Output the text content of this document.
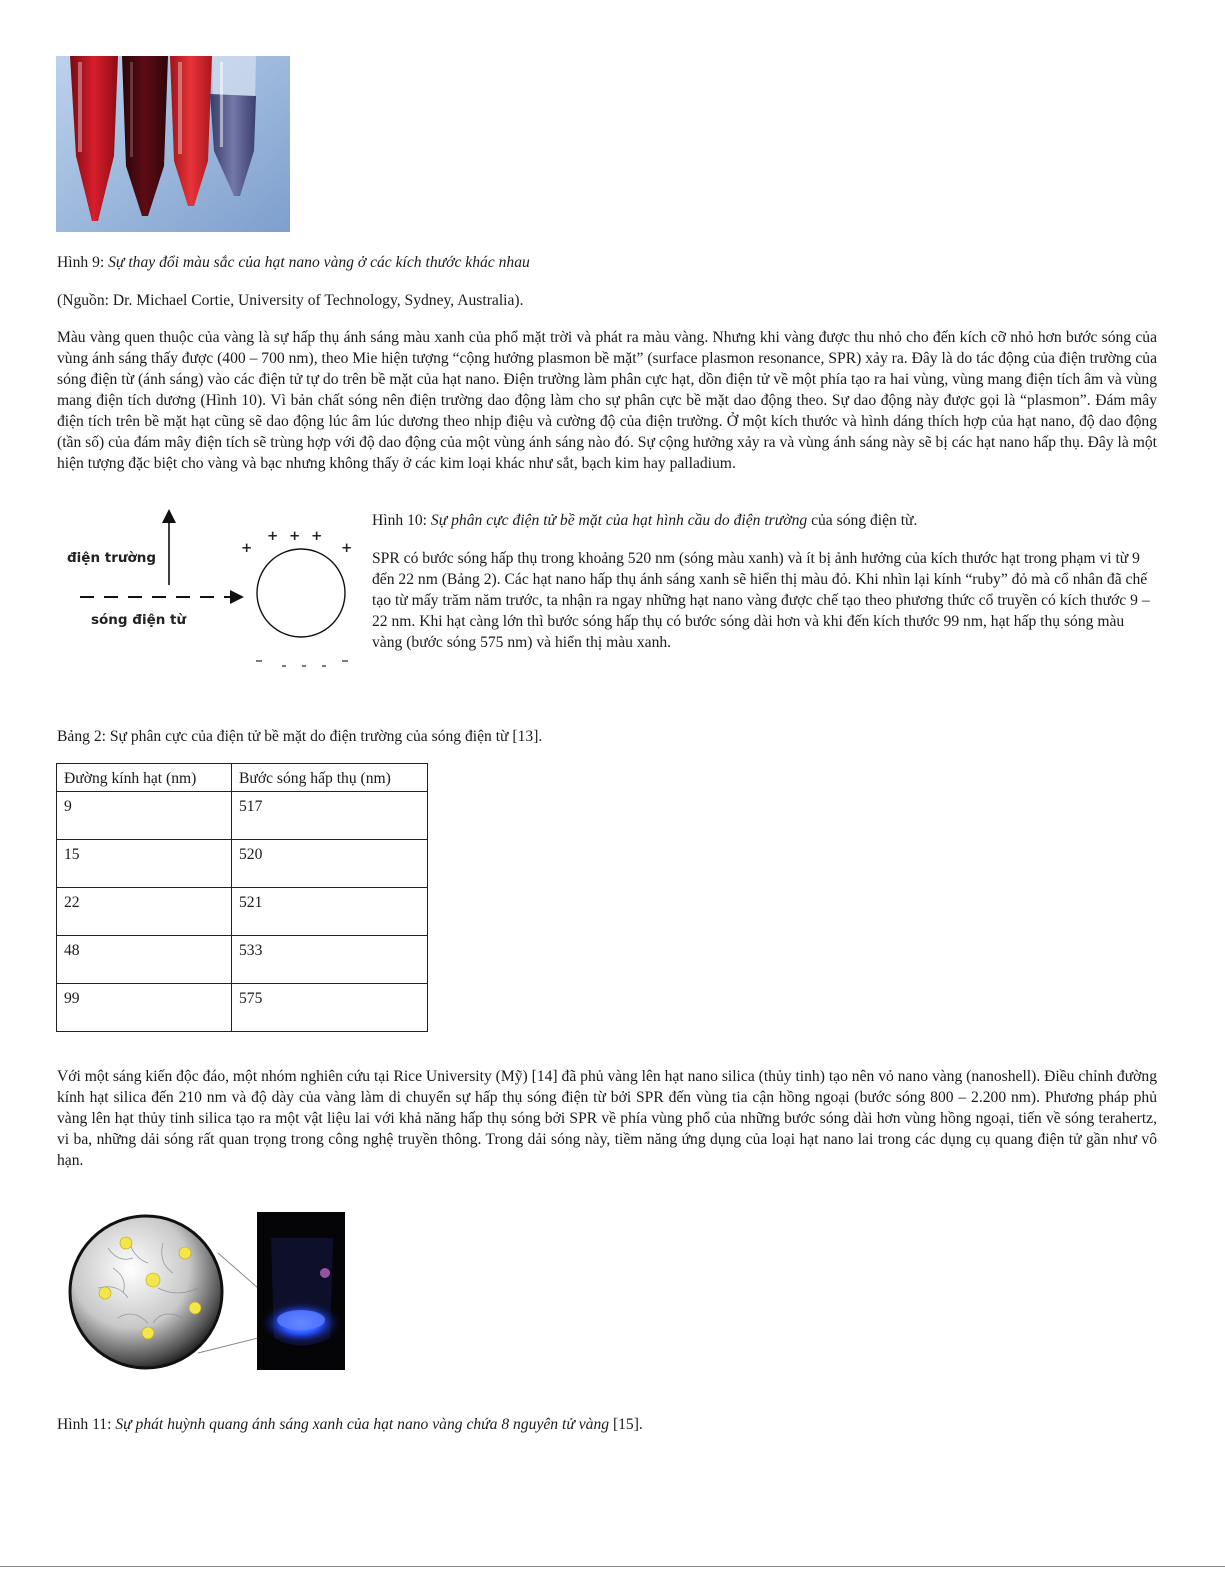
Hình 9: Sự thay đổi màu sắc của hạt nano vàng ở các kích thước khác nhau

(Nguồn: Dr. Michael Cortie, University of Technology, Sydney, Australia).

Màu vàng quen thuộc của vàng là sự hấp thụ ánh sáng màu xanh của phổ mặt trời và phát ra màu vàng. Nhưng khi vàng được thu nhỏ cho đến kích cỡ nhỏ hơn bước sóng của vùng ánh sáng thấy được (400 – 700 nm), theo Mie hiện tượng “cộng hưởng plasmon bề mặt” (surface plasmon resonance, SPR) xảy ra. Đây là do tác động của điện trường của sóng điện từ (ánh sáng) vào các điện tử tự do trên bề mặt của hạt nano. Điện trường làm phân cực hạt, dồn điện tử về một phía tạo ra hai vùng, vùng mang điện tích âm và vùng mang điện tích dương (Hình 10). Vì bản chất sóng nên điện trường dao động làm cho sự phân cực bề mặt dao động theo. Sự dao động này được gọi là “plasmon”. Đám mây điện tích trên bề mặt hạt cũng sẽ dao động lúc âm lúc dương theo nhịp điệu và cường độ của điện trường. Ở một kích thước và hình dáng thích hợp của hạt nano, độ dao động (tần số) của đám mây điện tích sẽ trùng hợp với độ dao động của một vùng ánh sáng nào đó. Sự cộng hưởng xảy ra và vùng ánh sáng này sẽ bị các hạt nano hấp thụ. Đây là một hiện tượng đặc biệt cho vàng và bạc nhưng không thấy ở các kim loại khác như sắt, bạch kim hay palladium.

điện trường
sóng điện từ
+
+ + +
+

Hình 10: Sự phân cực điện tử bề mặt của hạt hình cầu do điện trường của sóng điện từ.

SPR có bước sóng hấp thụ trong khoảng 520 nm (sóng màu xanh) và ít bị ảnh hưởng của kích thước hạt trong phạm vi từ 9 đến 22 nm (Bảng 2). Các hạt nano hấp thụ ánh sáng xanh sẽ hiển thị màu đỏ. Khi nhìn lại kính “ruby” đỏ mà cổ nhân đã chế tạo từ mấy trăm năm trước, ta nhận ra ngay những hạt nano vàng được chế tạo theo phương thức cổ truyền có kích thước 9 – 22 nm. Khi hạt càng lớn thì bước sóng hấp thụ có bước sóng dài hơn và khi đến kích thước 99 nm, hạt hấp thụ sóng màu vàng (bước sóng 575 nm) và hiển thị màu xanh.

Bảng 2: Sự phân cực của điện tử bề mặt do điện trường của sóng điện từ [13].

Đường kính hạt (nm)	Bước sóng hấp thụ (nm)
9	517
15	520
22	521
48	533
99	575

Với một sáng kiến độc đáo, một nhóm nghiên cứu tại Rice University (Mỹ) [14] đã phủ vàng lên hạt nano silica (thủy tinh) tạo nên vỏ nano vàng (nanoshell). Điều chỉnh đường kính hạt silica đến 210 nm và độ dày của vàng làm di chuyển sự hấp thụ sóng điện từ bởi SPR đến vùng tia cận hồng ngoại (bước sóng 800 – 2.200 nm). Phương pháp phủ vàng lên hạt thủy tinh silica tạo ra một vật liệu lai với khả năng hấp thụ sóng bởi SPR về phía vùng phổ của những bước sóng dài hơn vùng hồng ngoại, tiến về sóng terahertz, vi ba, những dải sóng rất quan trọng trong công nghệ truyền thông. Trong dải sóng này, tiềm năng ứng dụng của loại hạt nano lai trong các dụng cụ quang điện tử gần như vô hạn.

Hình 11: Sự phát huỳnh quang ánh sáng xanh của hạt nano vàng chứa 8 nguyên tử vàng [15].
